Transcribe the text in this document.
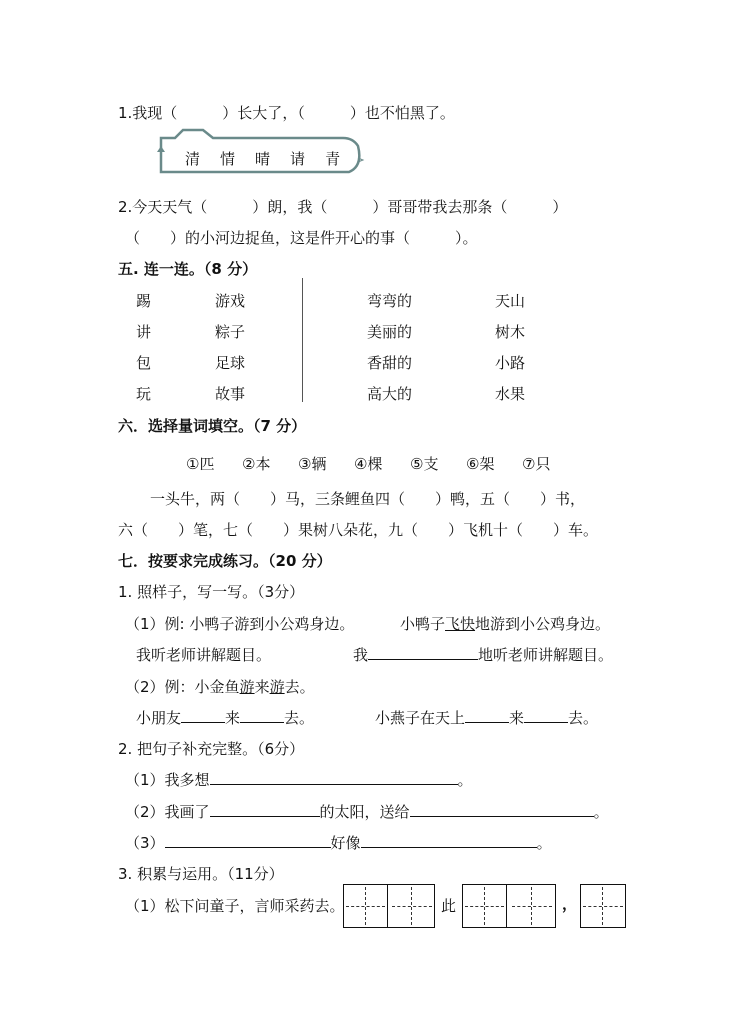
1.我现（　　　）长大了，（　　　）也不怕黑了。
清 情 晴 请 青
2.今天天气（　　　）朗，我（　　　）哥哥带我去那条（　　　）
（　　）的小河边捉鱼，这是件开心的事（　　　）。
五. 连一连。（8 分）
踢	游戏
讲	粽子
包	足球
玩	故事
弯弯的	天山
美丽的	树木
香甜的	小路
高大的	水果
六．选择量词填空。（7 分）
①匹 ②本 ③辆 ④棵 ⑤支 ⑥架 ⑦只
一头牛，两（　　）马，三条鲤鱼四（　　）鸭，五（　　）书，
六（　　）笔，七（　　）果树八朵花，九（　　）飞机十（　　）车。
七．按要求完成练习。（20 分）
1. 照样子，写一写。（3分）
（1）例: 小鸭子游到小公鸡身边。	小鸭子飞快地游到小公鸡身边。
我听老师讲解题目。	我	地听老师讲解题目。
（2）例：小金鱼游来游去。
小朋友	来	去。	小燕子在天上	来	去。
2. 把句子补充完整。（6分）
（1）我多想	。
（2）我画了	的太阳，送给	。
（3）	好像	。
3. 积累与运用。（11分）
（1）松下问童子，言师采药去。	此	，
